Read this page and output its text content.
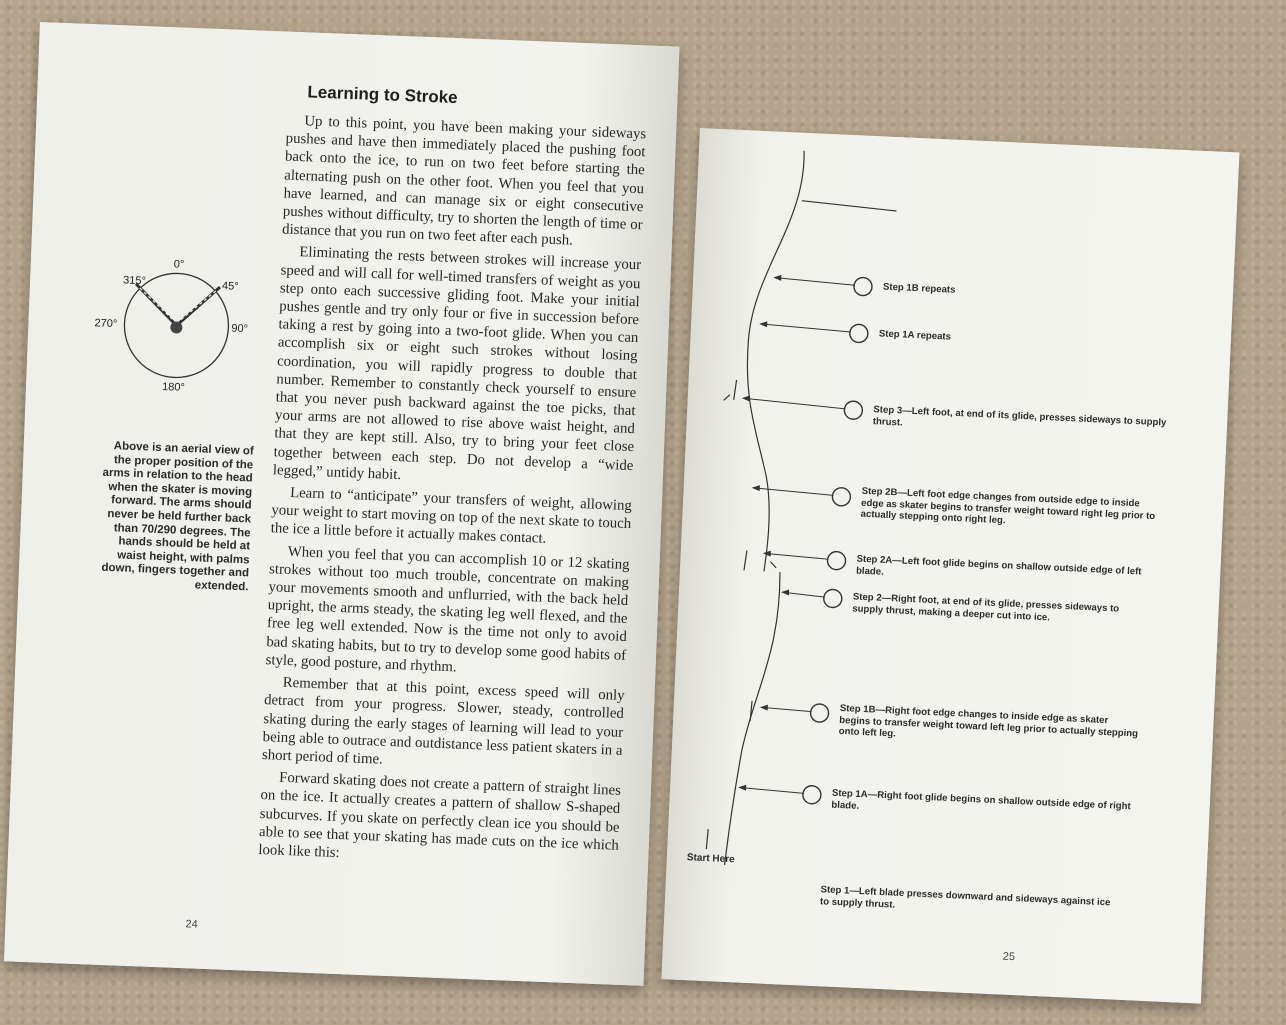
Learning to Stroke

Up to this point, you have been making your sideways pushes and have then immediately placed the pushing foot back onto the ice, to run on two feet before starting the alternating push on the other foot. When you feel that you have learned, and can manage six or eight consecutive pushes without difficulty, try to shorten the length of time or distance that you run on two feet after each push.

Eliminating the rests between strokes will increase your speed and will call for well-timed transfers of weight as you step onto each successive gliding foot. Make your initial pushes gentle and try only four or five in succession before taking a rest by going into a two-foot glide. When you can accomplish six or eight such strokes without losing coordination, you will rapidly progress to double that number. Remember to constantly check yourself to ensure that you never push backward against the toe picks, that your arms are not allowed to rise above waist height, and that they are kept still. Also, try to bring your feet close together between each step. Do not develop a “wide legged,” untidy habit.

Learn to “anticipate” your transfers of weight, allowing your weight to start moving on top of the next skate to touch the ice a little before it actually makes contact.

When you feel that you can accomplish 10 or 12 skating strokes without too much trouble, concentrate on making your movements smooth and unflurried, with the back held upright, the arms steady, the skating leg well flexed, and the free leg well extended. Now is the time not only to avoid bad skating habits, but to try to develop some good habits of style, good posture, and rhythm.

Remember that at this point, excess speed will only detract from your progress. Slower, steady, controlled skating during the early stages of learning will lead to your being able to outrace and outdistance less patient skaters in a short period of time.

Forward skating does not create a pattern of straight lines on the ice. It actually creates a pattern of shallow S-shaped subcurves. If you skate on perfectly clean ice you should be able to see that your skating has made cuts on the ice which look like this:

0°
45°
90°
180°
270°
315°
Above is an aerial view of the proper position of the arms in relation to the head when the skater is moving forward. The arms should never be held further back than 70/290 degrees. The hands should be held at waist height, with palms down, fingers together and extended.
24
Step 1B repeats
Step 1A repeats
Step 3—Left foot, at end of its glide, presses sideways to supply thrust.
Step 2B—Left foot edge changes from outside edge to inside edge as skater begins to transfer weight toward right leg prior to actually stepping onto right leg.
Step 2A—Left foot glide begins on shallow outside edge of left blade.
Step 2—Right foot, at end of its glide, presses sideways to supply thrust, making a deeper cut into ice.
Step 1B—Right foot edge changes to inside edge as skater begins to transfer weight toward left leg prior to actually stepping onto left leg.
Step 1A—Right foot glide begins on shallow outside edge of right blade.
Step 1—Left blade presses downward and sideways against ice to supply thrust.
Start Here
25
